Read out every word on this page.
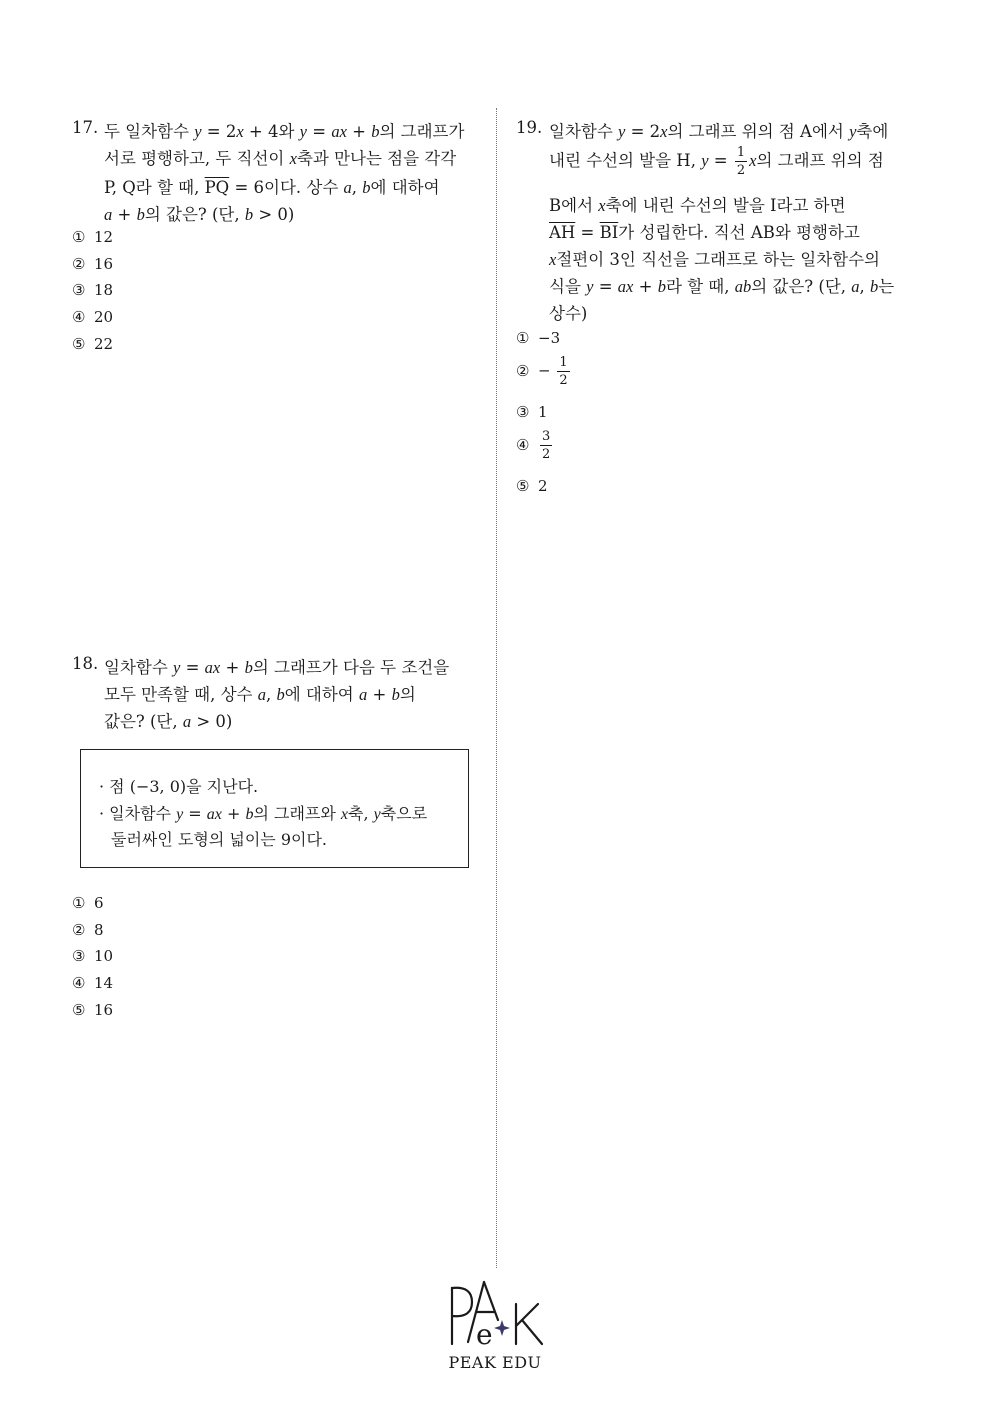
17. 두 일차함수 y = 2x + 4와 y = ax + b의 그래프가
서로 평행하고, 두 직선이 x축과 만나는 점을 각각
P, Q라 할 때, $\overline{PQ} = 6$이다. 상수 a, b에 대하여
a + b의 값은? (단, b > 0)
① 12
② 16
③ 18
④ 20
⑤ 22
18. 일차함수 y = ax + b의 그래프가 다음 두 조건을
모두 만족할 때, 상수 a, b에 대하여 a + b의
값은? (단, a > 0)
· 점 (−3, 0)을 지난다.
· 일차함수 y = ax + b의 그래프와 x축, y축으로
둘러싸인 도형의 넓이는 9이다.
① 6
② 8
③ 10
④ 14
⑤ 16
19. 일차함수 y = 2x의 그래프 위의 점 A에서 y축에
내린 수선의 발을 H, $y = \frac{1}{2}$ x의 그래프 위의 점
B에서 x축에 내린 수선의 발을 I라고 하면
$\overline{AH} = \overline{BI}$가 성립한다. 직선 AB와 평행하고
x절편이 3인 직선을 그래프로 하는 일차함수의
식을 y = ax + b라 할 때, ab의 값은? (단, a, b는
상수)
① −3
② − $\frac{1}{2}$
③ 1
④ $\frac{3}{2}$
⑤ 2
e
PEAK EDU
